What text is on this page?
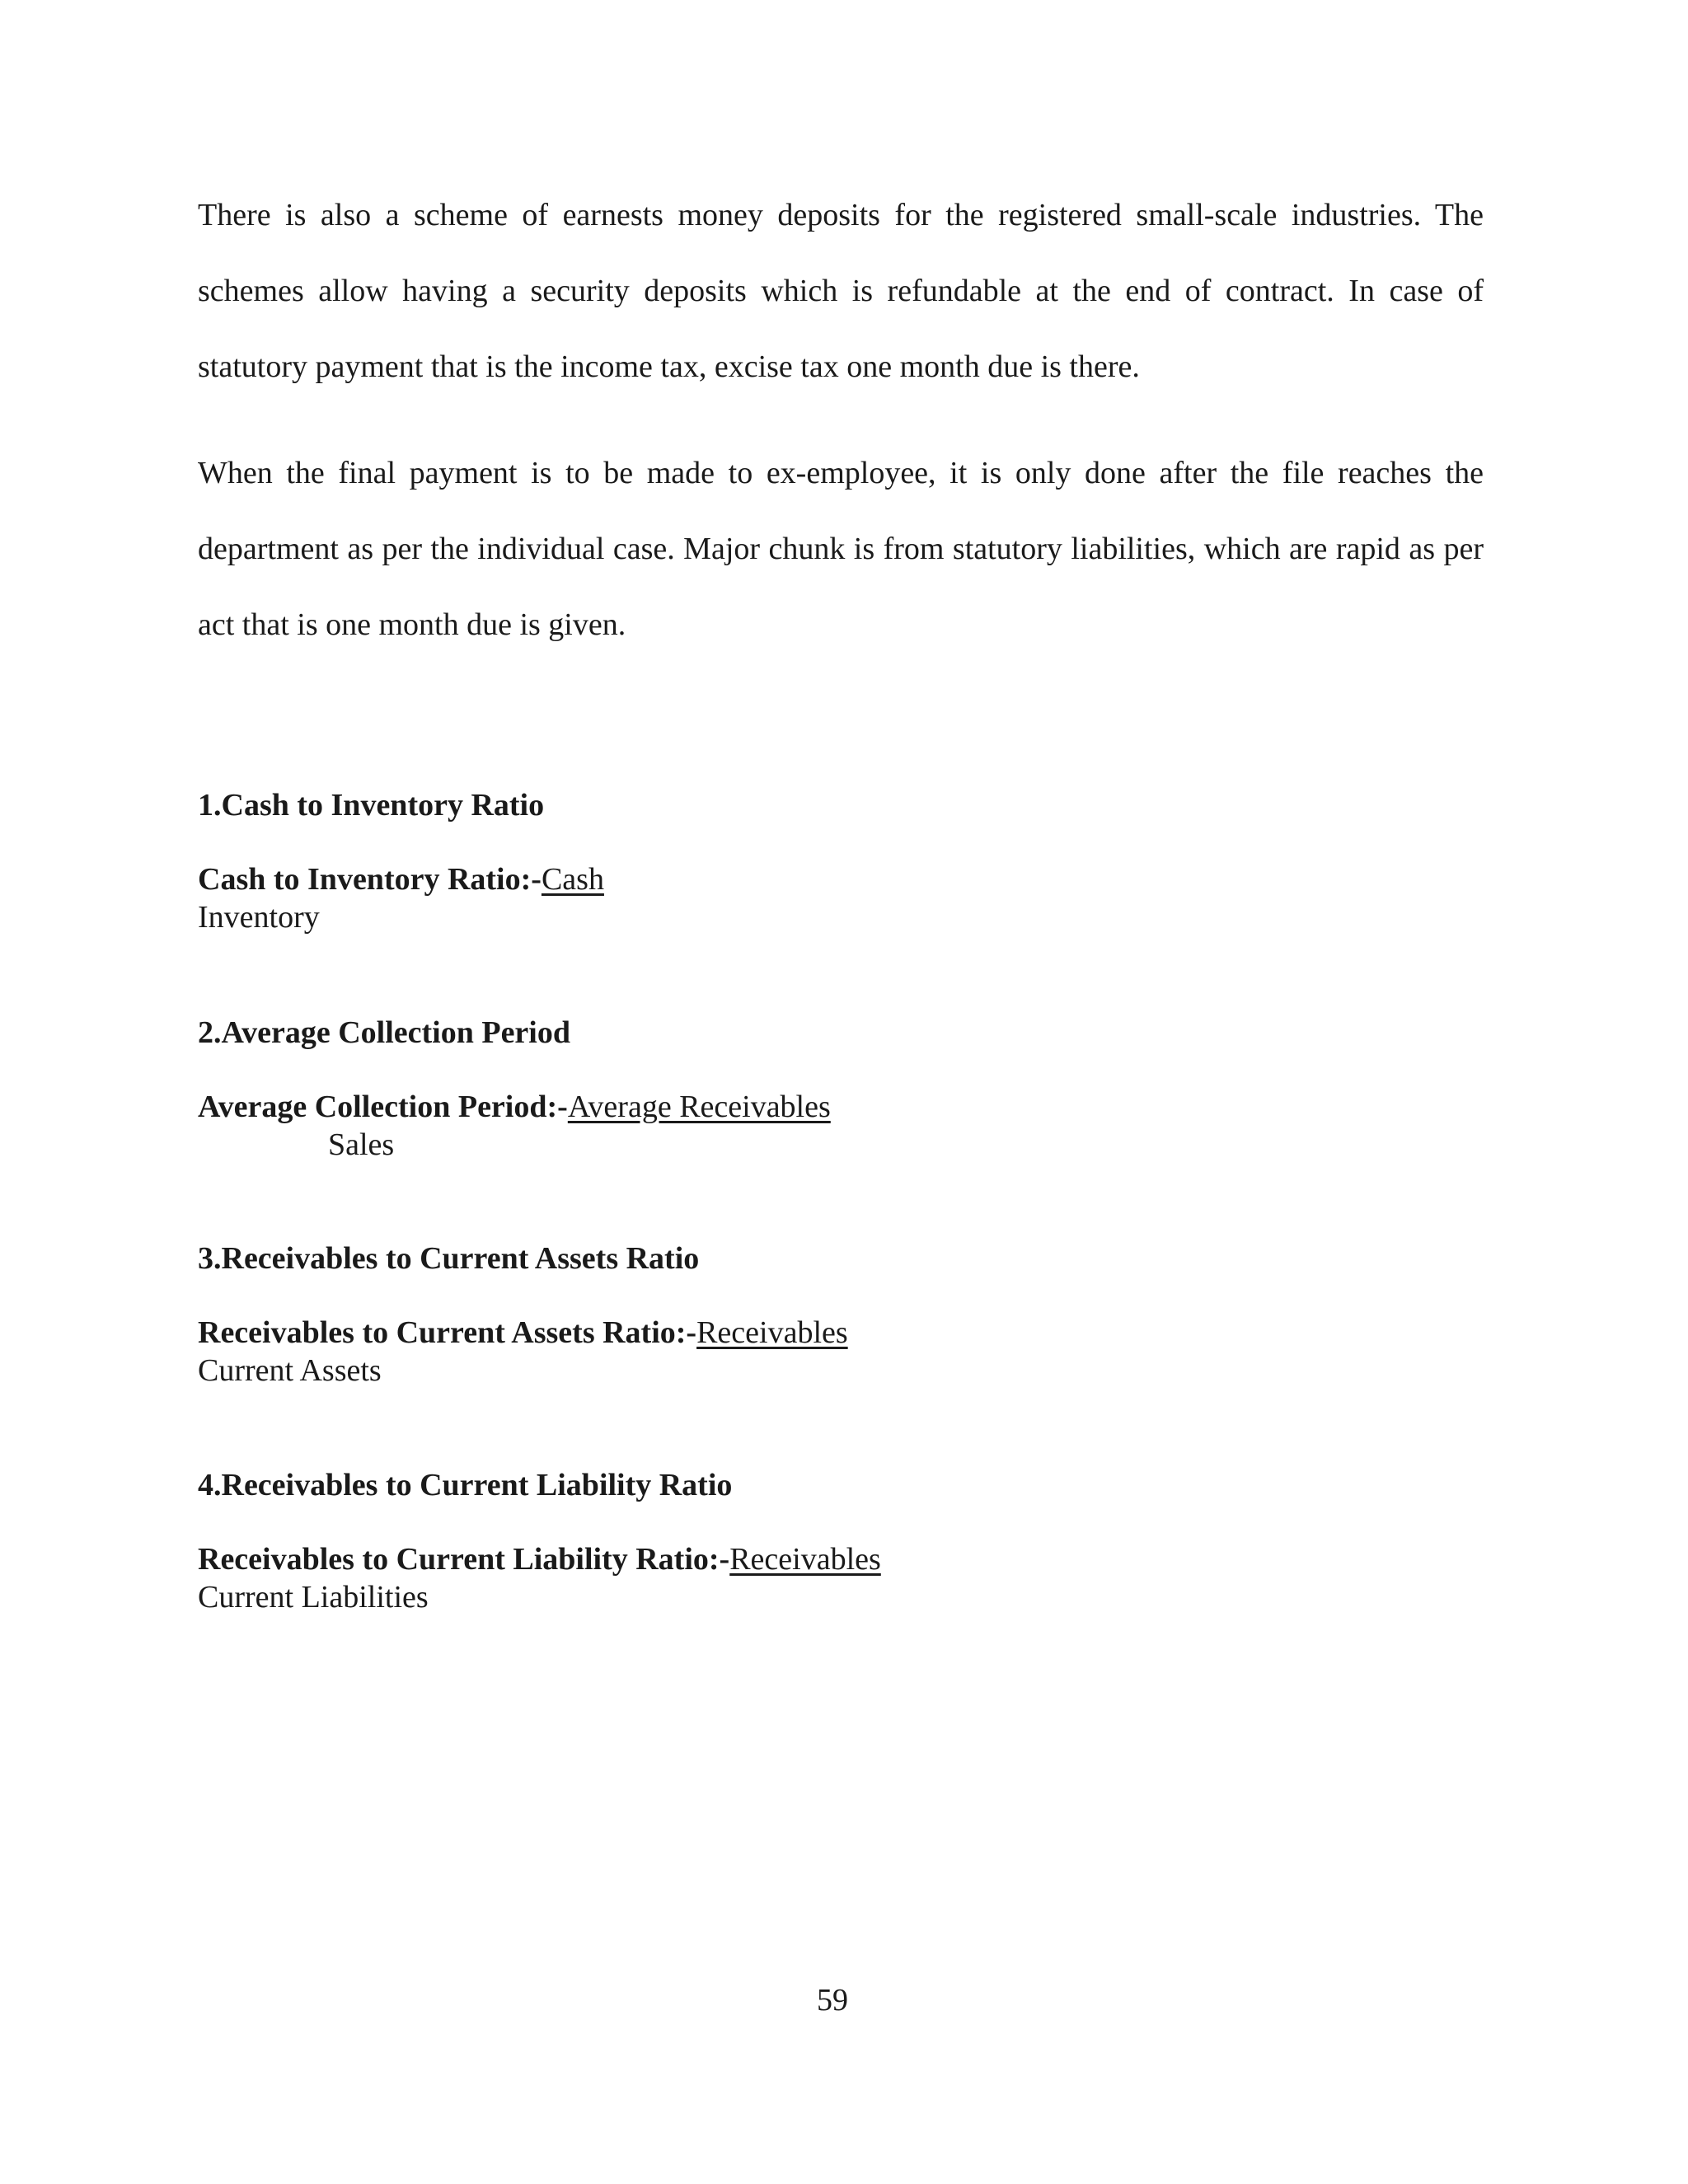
There is also a scheme of earnests money deposits for the registered small-scale industries. The schemes allow having a security deposits which is refundable at the end of contract. In case of statutory payment that is the income tax, excise tax one month due is there.

When the final payment is to be made to ex-employee, it is only done after the file reaches the department as per the individual case. Major chunk is from statutory liabilities, which are rapid as per act that is one month due is given.

1.Cash to Inventory Ratio
Cash to Inventory Ratio:-Cash
Inventory
2.Average Collection Period
Average Collection Period:-Average Receivables
Sales
3.Receivables to Current Assets Ratio
Receivables to Current Assets Ratio:-Receivables
Current Assets
4.Receivables to Current Liability Ratio
Receivables to Current Liability Ratio:-Receivables
Current Liabilities
59
